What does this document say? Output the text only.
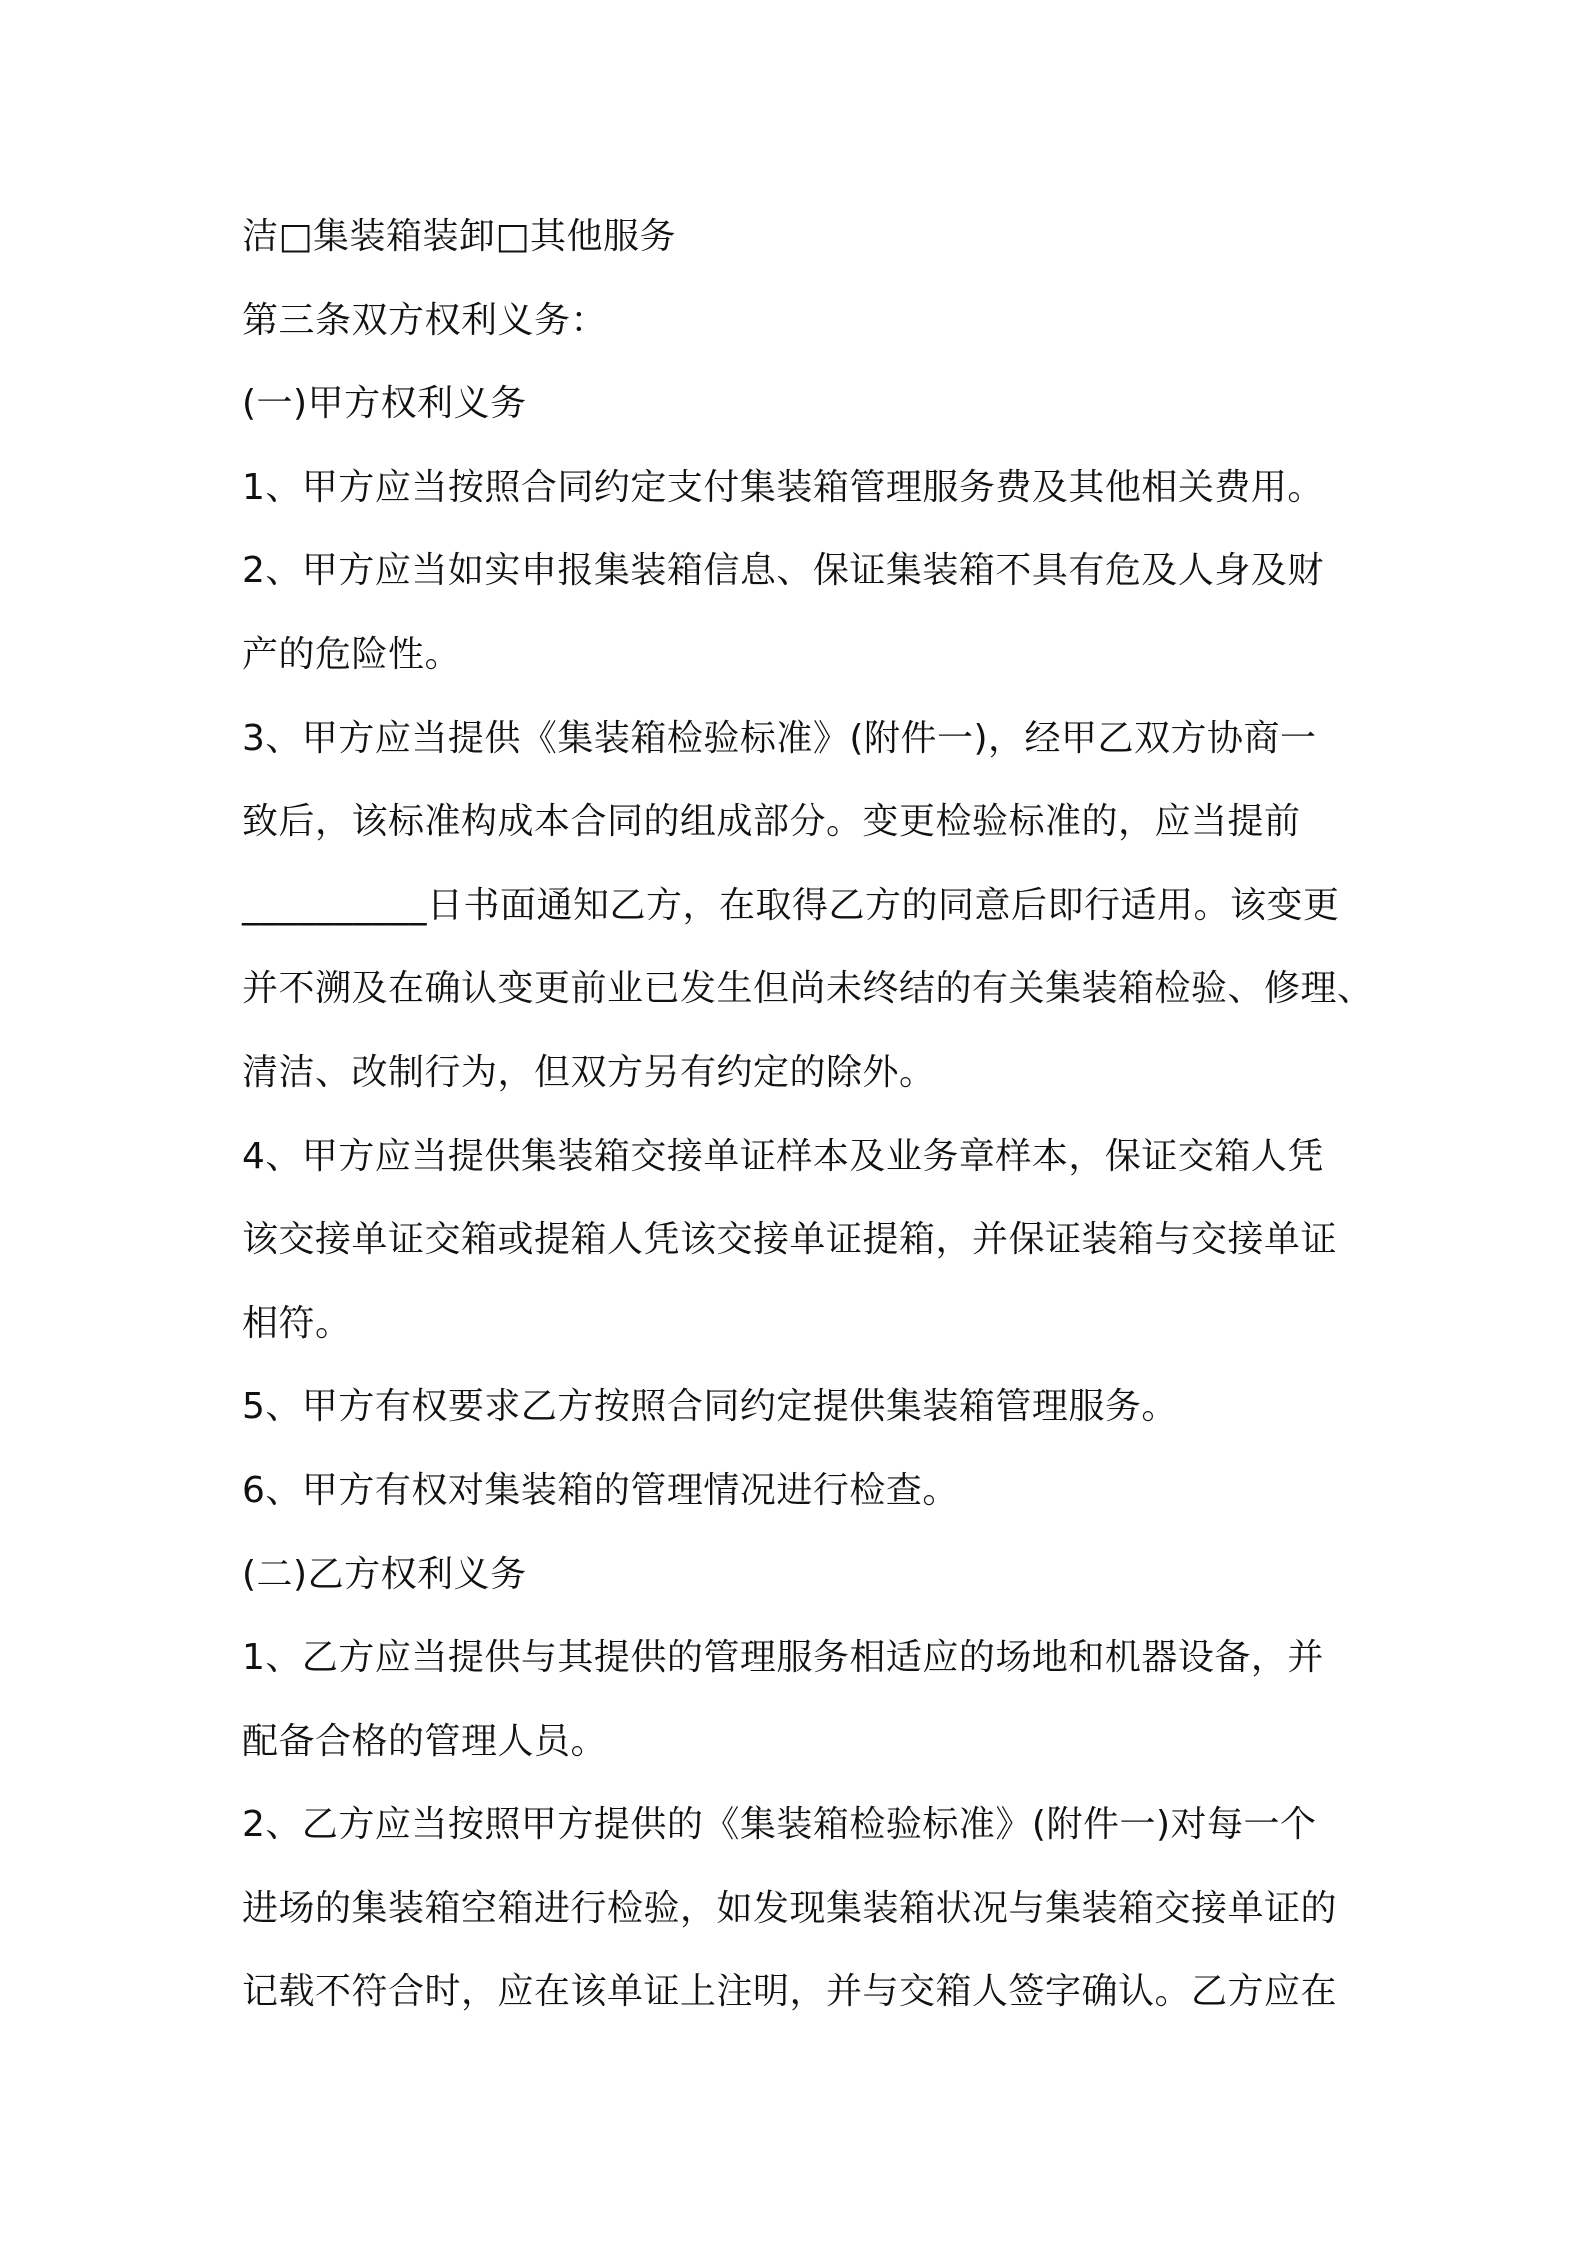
洁□集装箱装卸□其他服务
第三条双方权利义务：
(一)甲方权利义务
1、甲方应当按照合同约定支付集装箱管理服务费及其他相关费用。
2、甲方应当如实申报集装箱信息、保证集装箱不具有危及人身及财
产的危险性。
3、甲方应当提供《集装箱检验标准》(附件一)，经甲乙双方协商一
致后，该标准构成本合同的组成部分。变更检验标准的，应当提前
__________日书面通知乙方，在取得乙方的同意后即行适用。该变更
并不溯及在确认变更前业已发生但尚未终结的有关集装箱检验、修理、
清洁、改制行为，但双方另有约定的除外。
4、甲方应当提供集装箱交接单证样本及业务章样本，保证交箱人凭
该交接单证交箱或提箱人凭该交接单证提箱，并保证装箱与交接单证
相符。
5、甲方有权要求乙方按照合同约定提供集装箱管理服务。
6、甲方有权对集装箱的管理情况进行检查。
(二)乙方权利义务
1、乙方应当提供与其提供的管理服务相适应的场地和机器设备，并
配备合格的管理人员。
2、乙方应当按照甲方提供的《集装箱检验标准》(附件一)对每一个
进场的集装箱空箱进行检验，如发现集装箱状况与集装箱交接单证的
记载不符合时，应在该单证上注明，并与交箱人签字确认。乙方应在
